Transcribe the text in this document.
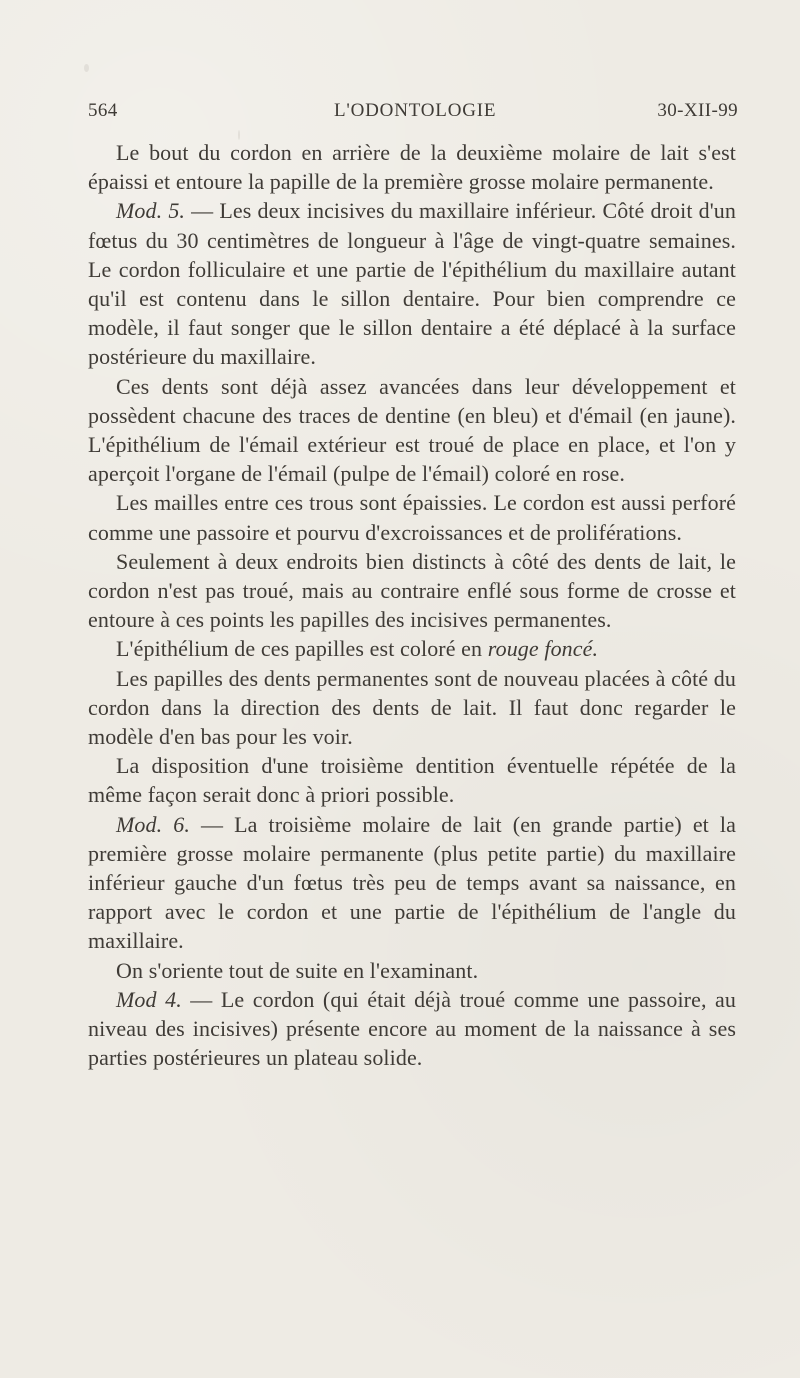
564	L'ODONTOLOGIE	30-XII-99

Le bout du cordon en arrière de la deuxième molaire de lait s'est épaissi et entoure la papille de la première grosse molaire permanente.

Mod. 5. — Les deux incisives du maxillaire inférieur. Côté droit d'un fœtus du 30 centimètres de longueur à l'âge de vingt-quatre semaines. Le cordon folliculaire et une partie de l'épithélium du maxillaire autant qu'il est contenu dans le sillon dentaire. Pour bien comprendre ce modèle, il faut songer que le sillon dentaire a été déplacé à la surface postérieure du maxillaire.

Ces dents sont déjà assez avancées dans leur développement et possèdent chacune des traces de dentine (en bleu) et d'émail (en jaune). L'épithélium de l'émail extérieur est troué de place en place, et l'on y aperçoit l'organe de l'émail (pulpe de l'émail) coloré en rose.

Les mailles entre ces trous sont épaissies. Le cordon est aussi perforé comme une passoire et pourvu d'excroissances et de proliférations.

Seulement à deux endroits bien distincts à côté des dents de lait, le cordon n'est pas troué, mais au contraire enflé sous forme de crosse et entoure à ces points les papilles des incisives permanentes.

L'épithélium de ces papilles est coloré en rouge foncé.

Les papilles des dents permanentes sont de nouveau placées à côté du cordon dans la direction des dents de lait. Il faut donc regarder le modèle d'en bas pour les voir.

La disposition d'une troisième dentition éventuelle répétée de la même façon serait donc à priori possible.

Mod. 6. — La troisième molaire de lait (en grande partie) et la première grosse molaire permanente (plus petite partie) du maxillaire inférieur gauche d'un fœtus très peu de temps avant sa naissance, en rapport avec le cordon et une partie de l'épithélium de l'angle du maxillaire.

On s'oriente tout de suite en l'examinant.

Mod 4. — Le cordon (qui était déjà troué comme une passoire, au niveau des incisives) présente encore au moment de la naissance à ses parties postérieures un plateau solide.
